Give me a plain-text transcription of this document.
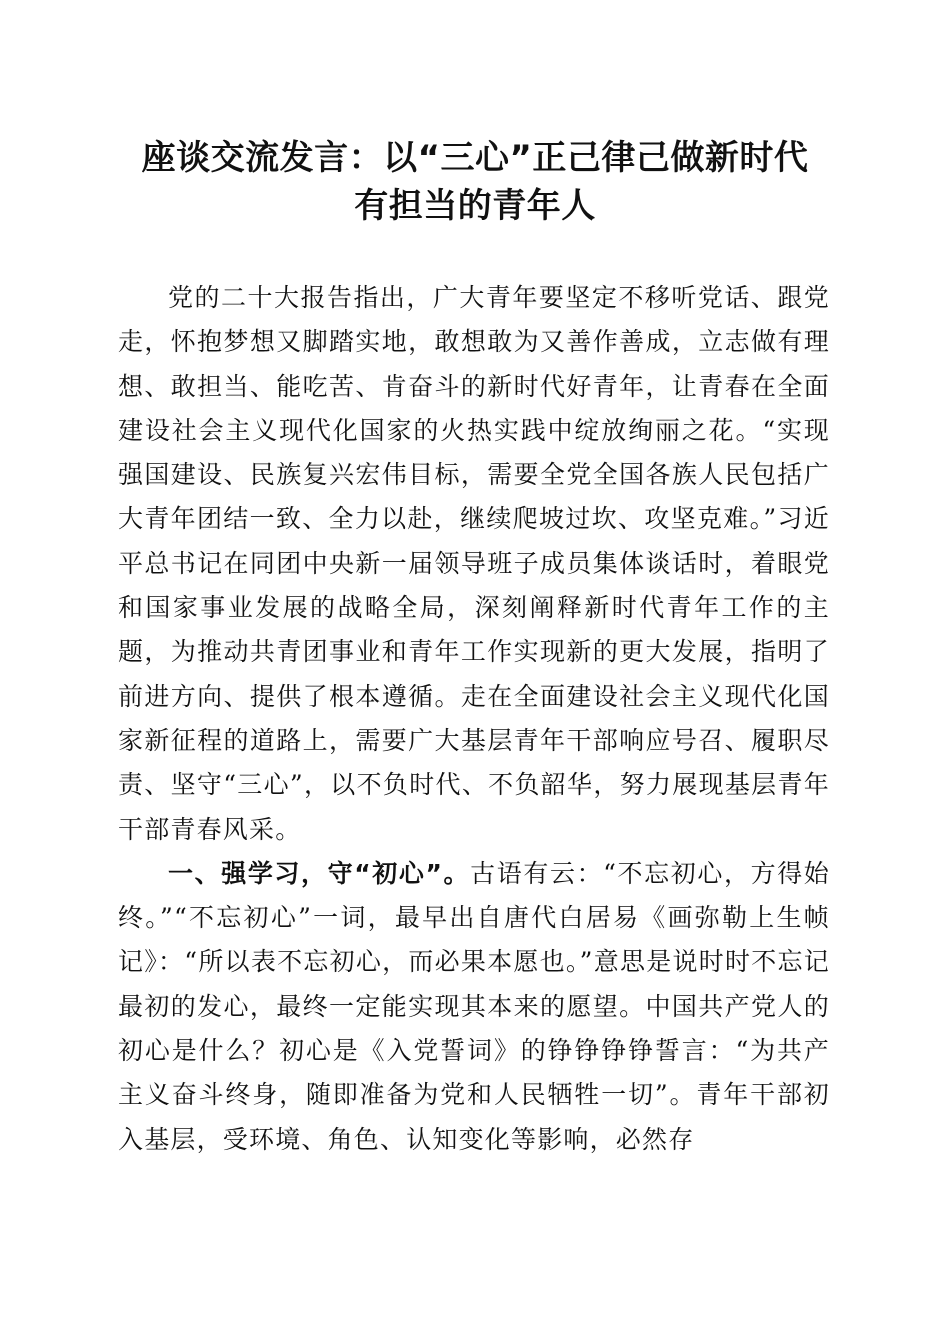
座谈交流发言：以“三心”正己律己做新时代
有担当的青年人

党的二十大报告指出，广大青年要坚定不移听党话、跟党走，怀抱梦想又脚踏实地，敢想敢为又善作善成，立志做有理想、敢担当、能吃苦、肯奋斗的新时代好青年，让青春在全面建设社会主义现代化国家的火热实践中绽放绚丽之花。“实现强国建设、民族复兴宏伟目标，需要全党全国各族人民包括广大青年团结一致、全力以赴，继续爬坡过坎、攻坚克难。”习近平总书记在同团中央新一届领导班子成员集体谈话时，着眼党和国家事业发展的战略全局，深刻阐释新时代青年工作的主题，为推动共青团事业和青年工作实现新的更大发展，指明了前进方向、提供了根本遵循。走在全面建设社会主义现代化国家新征程的道路上，需要广大基层青年干部响应号召、履职尽责、坚守“三心”，以不负时代、不负韶华，努力展现基层青年干部青春风采。

一、强学习，守“初心”。古语有云：“不忘初心，方得始终。”“不忘初心”一词，最早出自唐代白居易《画弥勒上生帧记》：“所以表不忘初心，而必果本愿也。”意思是说时时不忘记最初的发心，最终一定能实现其本来的愿望。中国共产党人的初心是什么？初心是《入党誓词》的铮铮铮铮誓言：“为共产主义奋斗终身，随即准备为党和人民牺牲一切”。青年干部初入基层，受环境、角色、认知变化等影响，必然存
